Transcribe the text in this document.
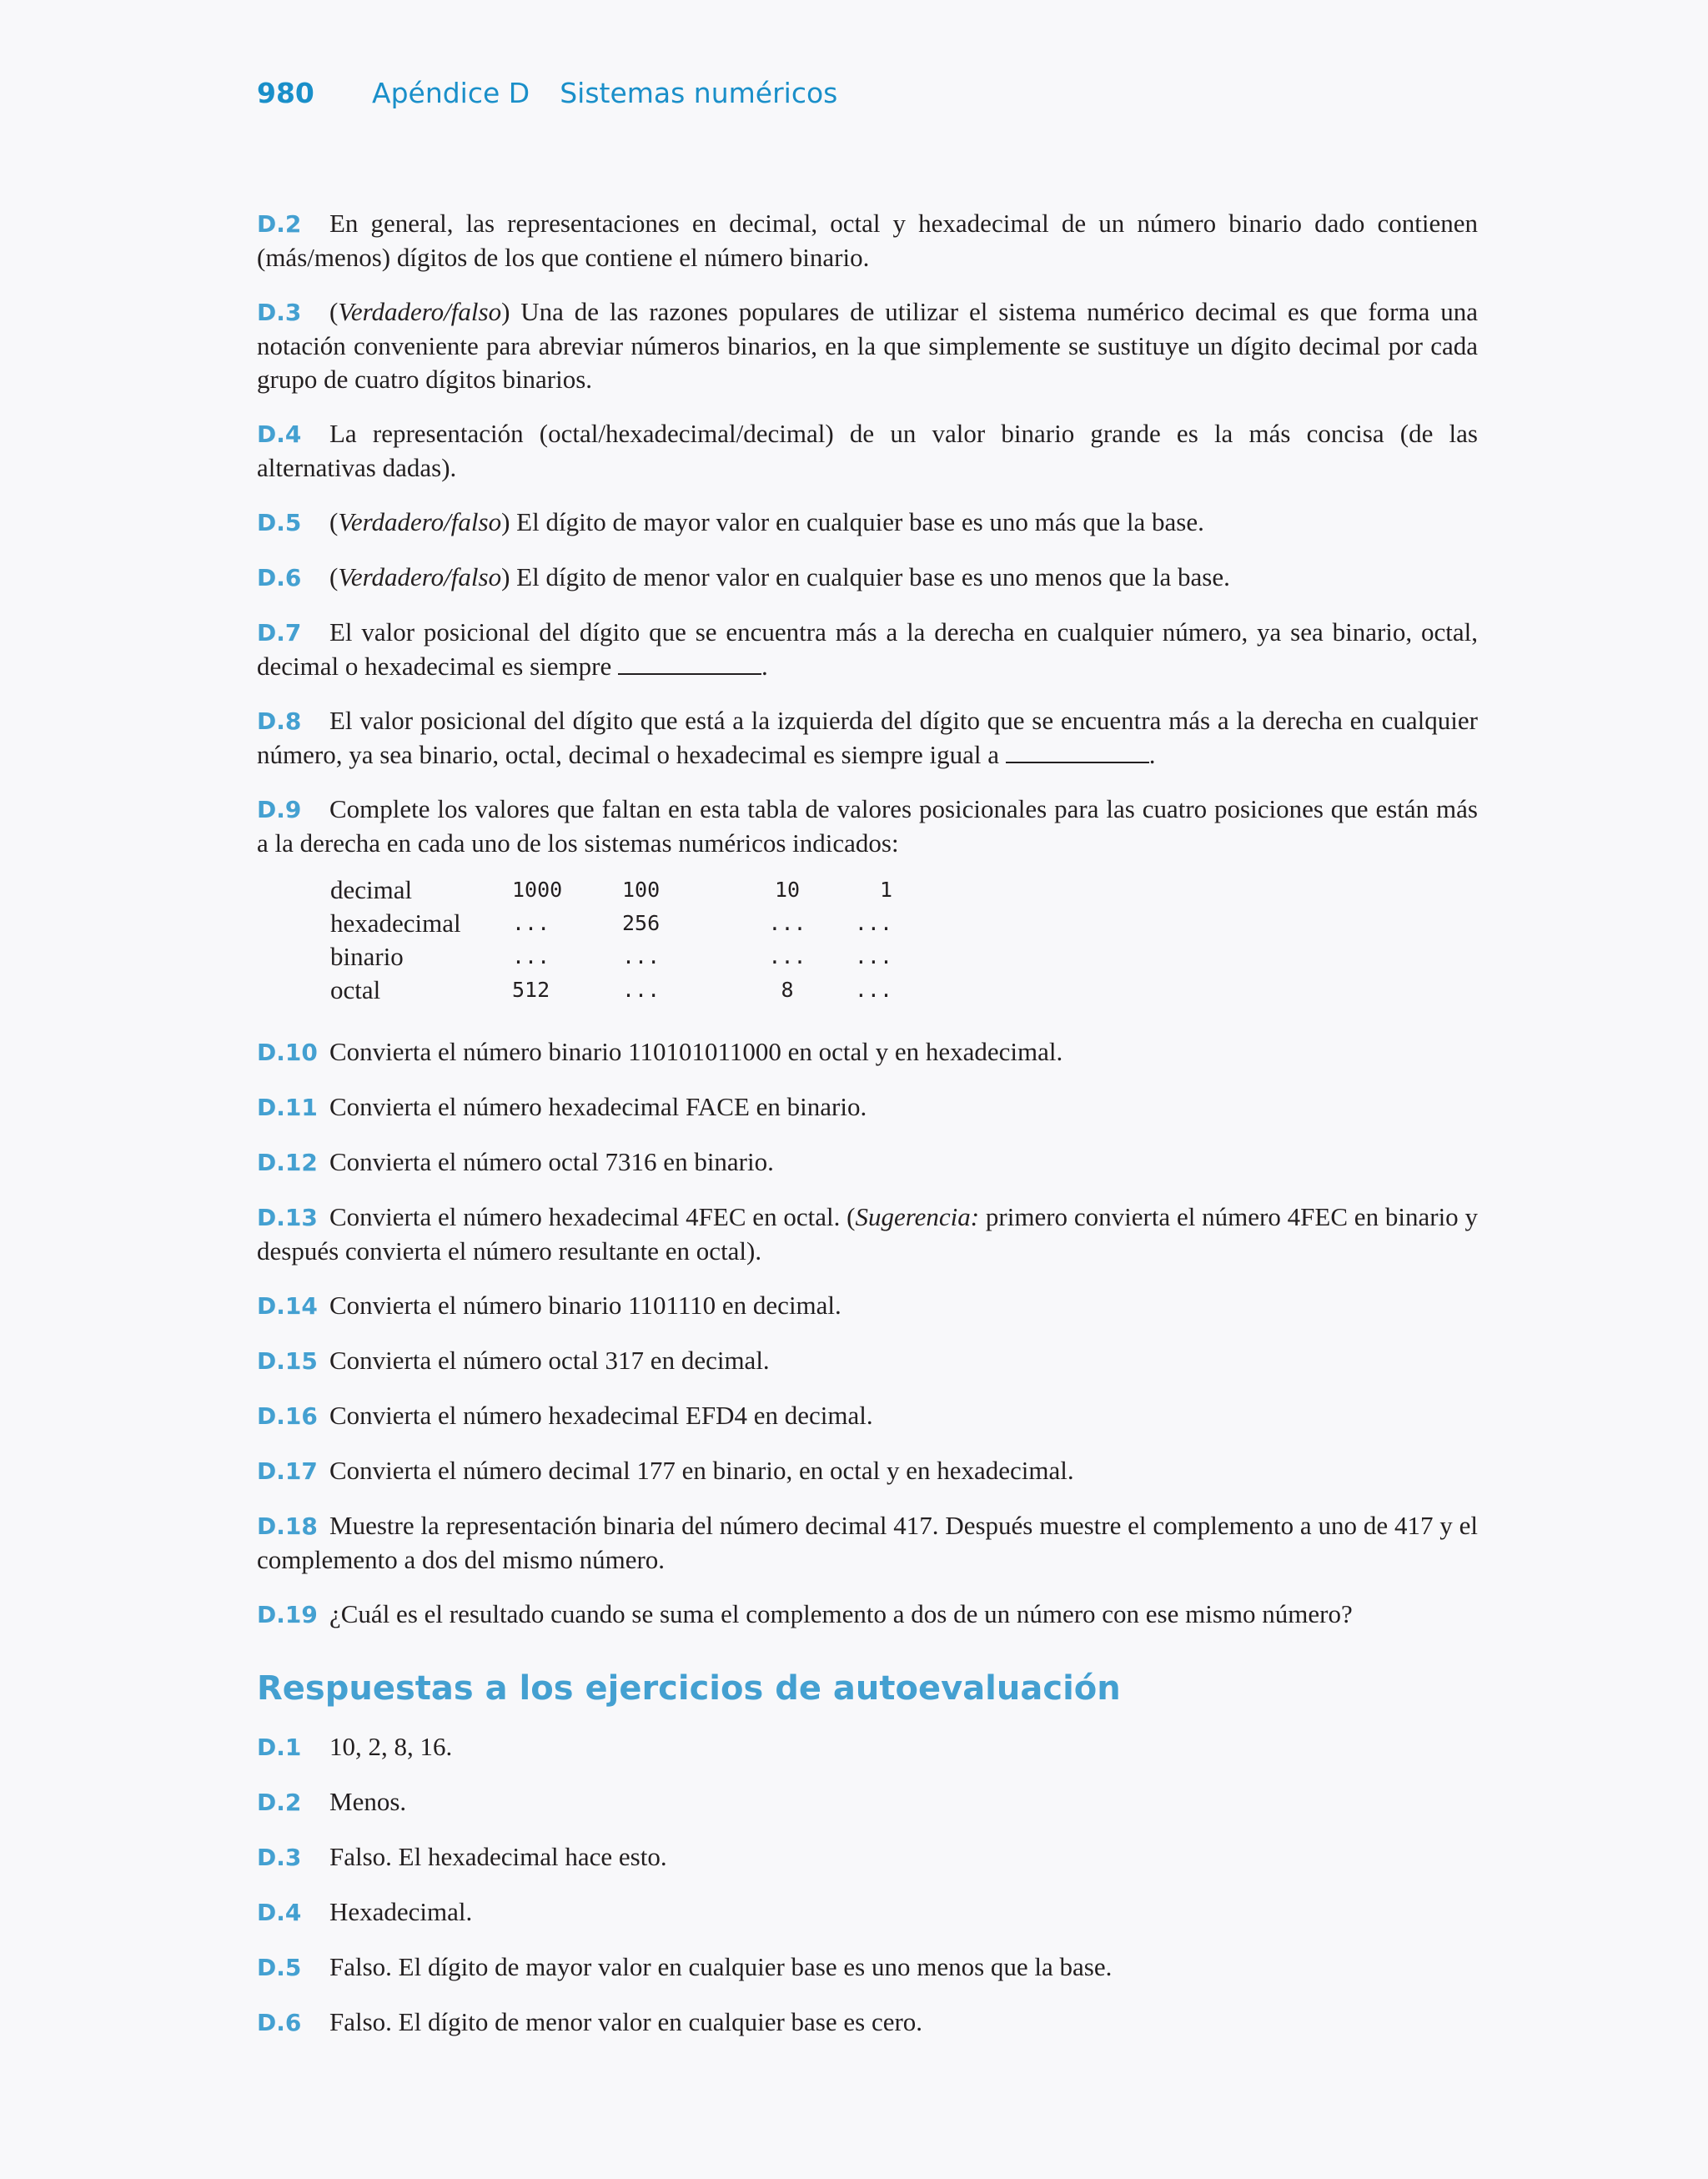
980 Apéndice D Sistemas numéricos

D.2 En general, las representaciones en decimal, octal y hexadecimal de un número binario dado contienen (más/menos) dígitos de los que contiene el número binario.

D.3 (Verdadero/falso) Una de las razones populares de utilizar el sistema numérico decimal es que forma una notación conveniente para abreviar números binarios, en la que simplemente se sustituye un dígito decimal por cada grupo de cuatro dígitos binarios.

D.4 La representación (octal/hexadecimal/decimal) de un valor binario grande es la más concisa (de las alternativas dadas).

D.5 (Verdadero/falso) El dígito de mayor valor en cualquier base es uno más que la base.

D.6 (Verdadero/falso) El dígito de menor valor en cualquier base es uno menos que la base.

D.7 El valor posicional del dígito que se encuentra más a la derecha en cualquier número, ya sea binario, octal, decimal o hexadecimal es siempre	.

D.8 El valor posicional del dígito que está a la izquierda del dígito que se encuentra más a la derecha en cualquier número, ya sea binario, octal, decimal o hexadecimal es siempre igual a	.

D.9 Complete los valores que faltan en esta tabla de valores posicionales para las cuatro posiciones que están más a la derecha en cada uno de los sistemas numéricos indicados:

decimal	1000	100	10	1
hexadecimal	...	256	...	...
binario	...	...	...	...
octal	512	...	8	...

D.10 Convierta el número binario 110101011000 en octal y en hexadecimal.

D.11 Convierta el número hexadecimal FACE en binario.

D.12 Convierta el número octal 7316 en binario.

D.13 Convierta el número hexadecimal 4FEC en octal. (Sugerencia: primero convierta el número 4FEC en binario y después convierta el número resultante en octal).

D.14 Convierta el número binario 1101110 en decimal.

D.15 Convierta el número octal 317 en decimal.

D.16 Convierta el número hexadecimal EFD4 en decimal.

D.17 Convierta el número decimal 177 en binario, en octal y en hexadecimal.

D.18 Muestre la representación binaria del número decimal 417. Después muestre el complemento a uno de 417 y el complemento a dos del mismo número.

D.19 ¿Cuál es el resultado cuando se suma el complemento a dos de un número con ese mismo número?

Respuestas a los ejercicios de autoevaluación

D.1 10, 2, 8, 16.

D.2 Menos.

D.3 Falso. El hexadecimal hace esto.

D.4 Hexadecimal.

D.5 Falso. El dígito de mayor valor en cualquier base es uno menos que la base.

D.6 Falso. El dígito de menor valor en cualquier base es cero.
